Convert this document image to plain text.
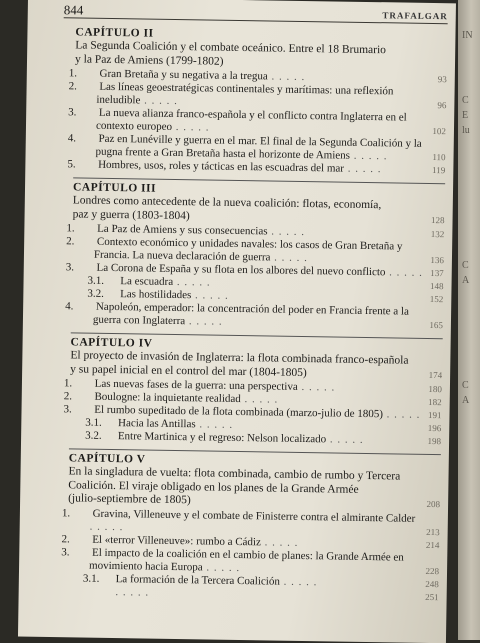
844	TRAFALGAR
CAPÍTULO II
La Segunda Coalición y el combate oceánico. Entre el 18 Brumario
y la Paz de Amiens (1799-1802)
1. Gran Bretaña y su negativa a la tregua . . . . .	93
2. Las líneas geoestratégicas continentales y marítimas: una reflexión ineludible . . . . .	96
3. La nueva alianza franco-española y el conflicto contra Inglaterra en el contexto europeo . . . . .	102
4. Paz en Lunéville y guerra en el mar. El final de la Segunda Coalición y la pugna frente a Gran Bretaña hasta el horizonte de Amiens . . . . .	110
5. Hombres, usos, roles y tácticas en las escuadras del mar . . . . .	119
CAPÍTULO III
Londres como antecedente de la nueva coalición: flotas, economía,
paz y guerra (1803-1804)	128
1. La Paz de Amiens y sus consecuencias . . . . .	132
2. Contexto económico y unidades navales: los casos de Gran Bretaña y Francia. La nueva declaración de guerra . . . . .	136
3. La Corona de España y su flota en los albores del nuevo conflicto . . . . . 137
3.1. La escuadra . . . . .	148
3.2. Las hostilidades . . . . .	152
4. Napoleón, emperador: la concentración del poder en Francia frente a la guerra con Inglaterra . . . . .	165
CAPÍTULO IV
El proyecto de invasión de Inglaterra: la flota combinada franco-española
y su papel inicial en el control del mar (1804-1805)	174
1. Las nuevas fases de la guerra: una perspectiva . . . . .	180
2. Boulogne: la inquietante realidad . . . . .	182
3. El rumbo supeditado de la flota combinada (marzo-julio de 1805) . . . . . 191
3.1. Hacia las Antillas . . . . .	196
3.2. Entre Martinica y el regreso: Nelson localizado . . . . .	198
CAPÍTULO V
En la singladura de vuelta: flota combinada, cambio de rumbo y Tercera
Coalición. El viraje obligado en los planes de la Grande Armée
(julio-septiembre de 1805)	208
1. Gravina, Villeneuve y el combate de Finisterre contra el almirante Calder . . . . .	213
2. El «terror Villeneuve»: rumbo a Cádiz . . . . .	214
3. El impacto de la coalición en el cambio de planes: la Grande Armée en movimiento hacia Europa . . . . .	228
3.1. La formación de la Tercera Coalición . . . . .	248
. . . . .	251
IN
C
E
lu
C
A
C
A
